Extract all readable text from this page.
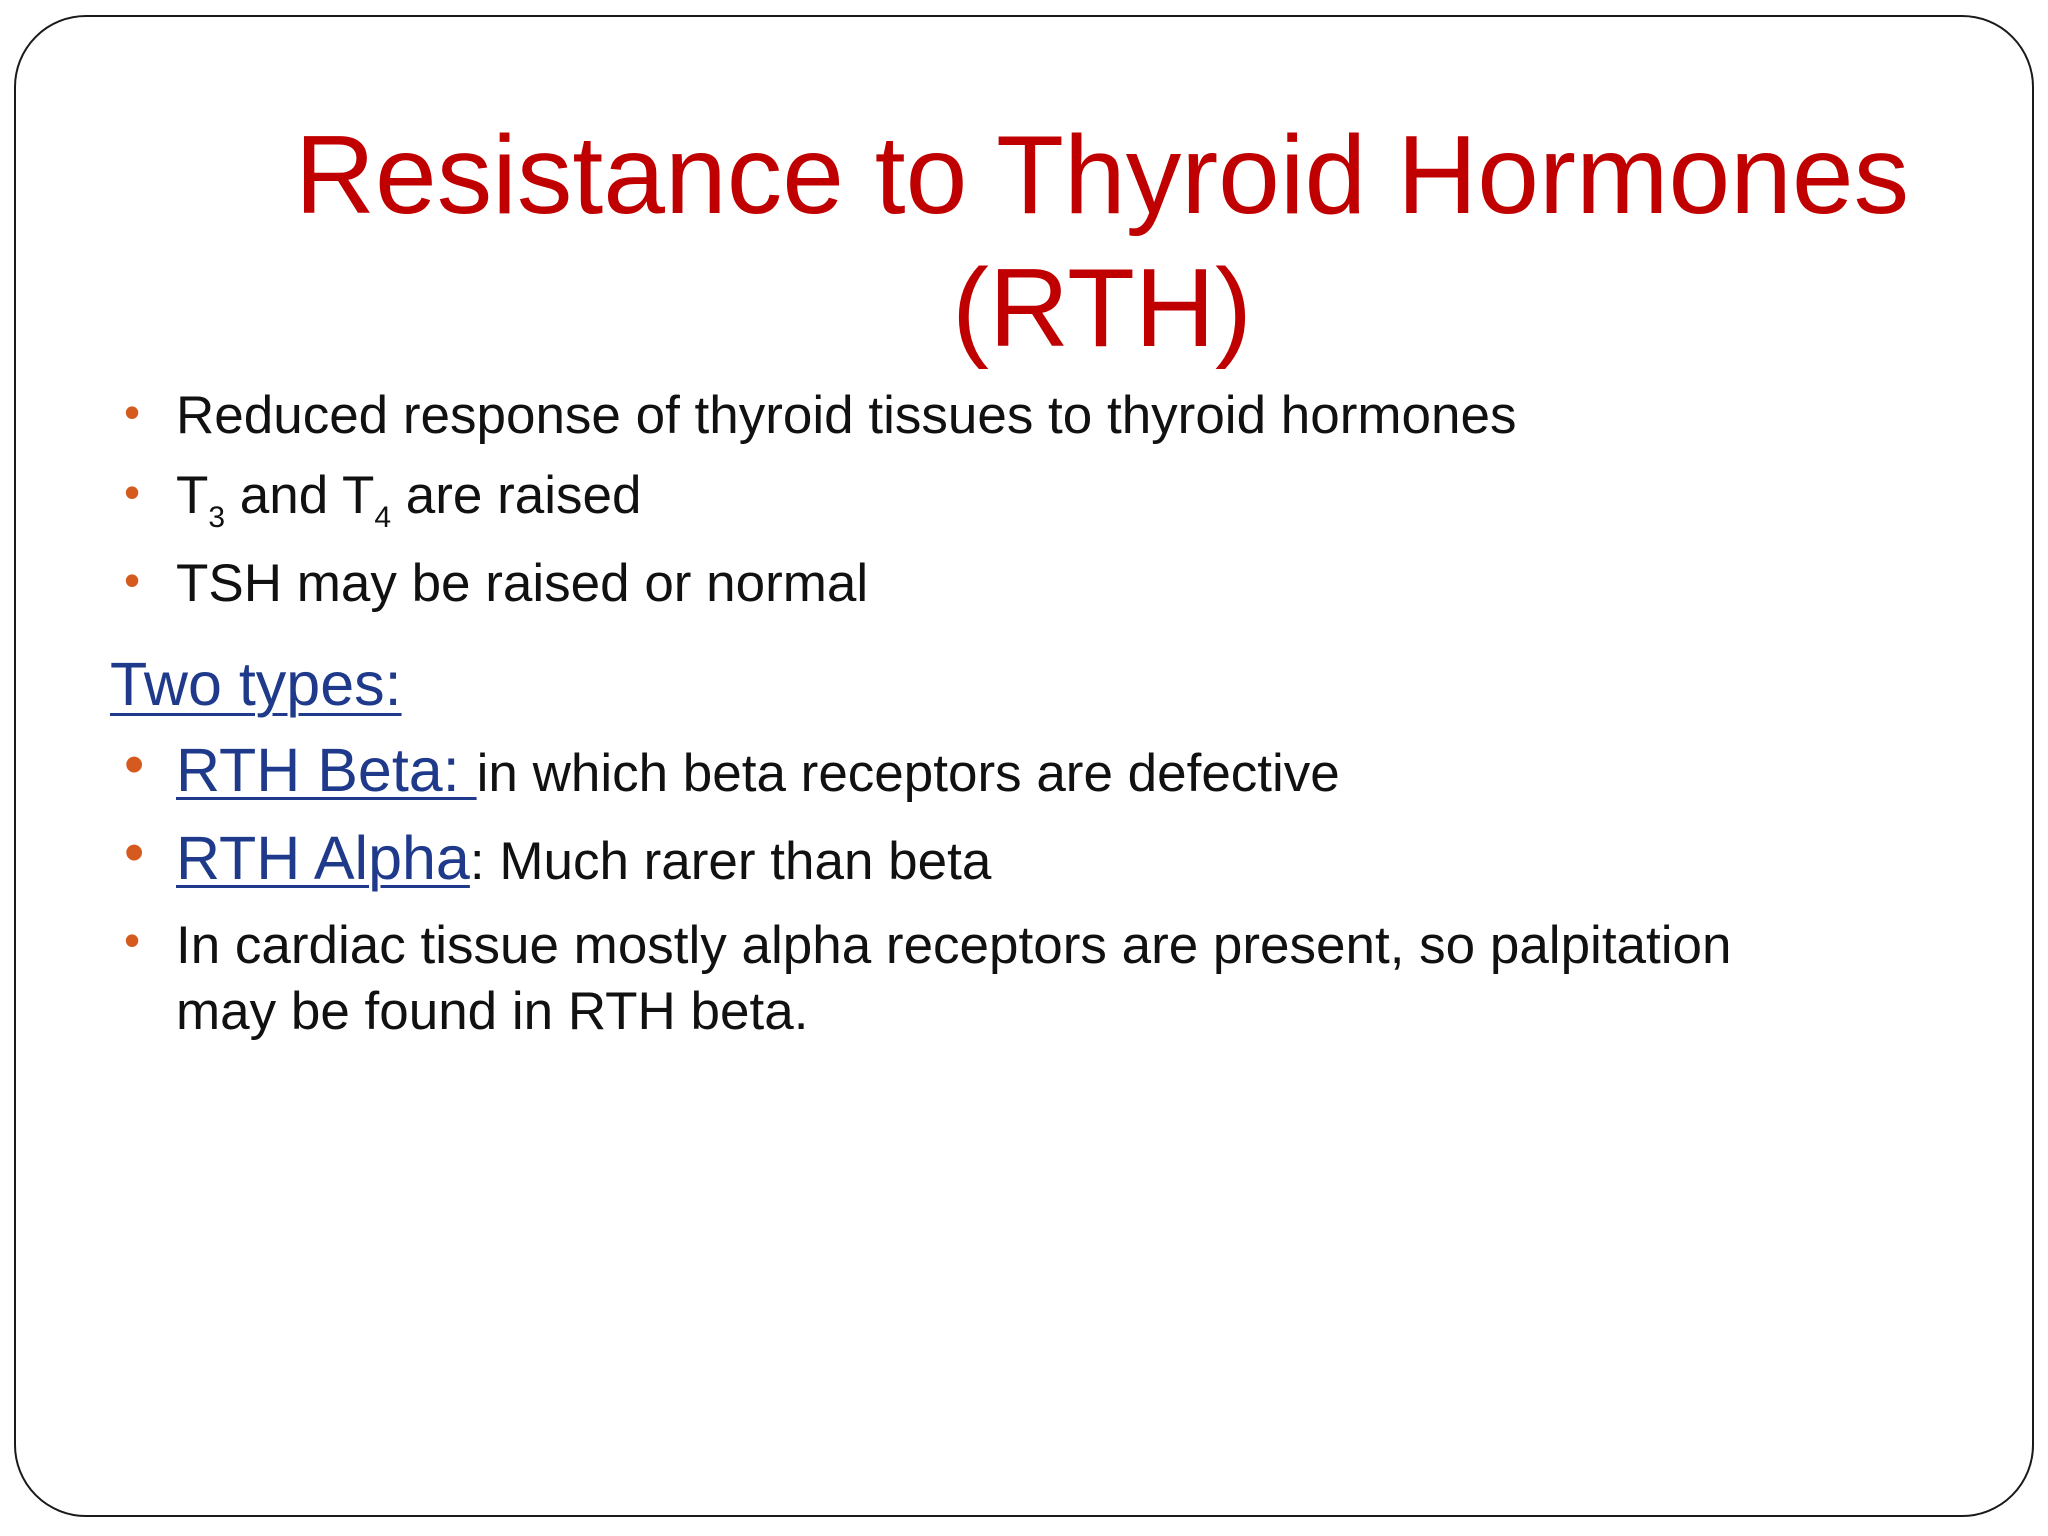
Resistance to Thyroid Hormones
(RTH)
• Reduced response of thyroid tissues to thyroid hormones
• $T_3$ and $T_4$ are raised
• TSH may be raised or normal
Two types:
• RTH Beta: in which beta receptors are defective
• RTH Alpha: Much rarer than beta
• In cardiac tissue mostly alpha receptors are present, so palpitation
may be found in RTH beta.
